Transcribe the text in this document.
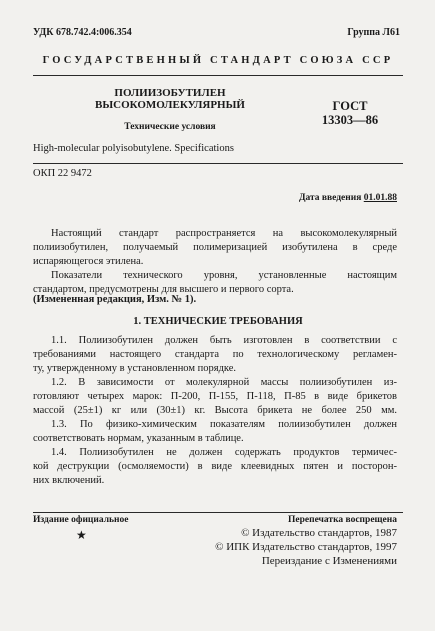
УДК 678.742.4:006.354	Группа Л61
ГОСУДАРСТВЕННЫЙ СТАНДАРТ СОЮЗА ССР
ПОЛИИЗОБУТИЛЕН
ВЫСОКОМОЛЕКУЛЯРНЫЙ
Технические условия
High-molecular polyisobutylene. Specifications
ГОСТ
13303—86
ОКП 22 9472
Дата введения 01.01.88
Настоящий стандарт распространяется на высокомолекулярный
полиизобутилен, получаемый полимеризацией изобутилена в среде
испаряющегося этилена.
Показатели технического уровня, установленные настоящим
стандартом, предусмотрены для высшего и первого сорта.
(Измененная редакция, Изм. № 1).
1. ТЕХНИЧЕСКИЕ ТРЕБОВАНИЯ
1.1. Полиизобутилен должен быть изготовлен в соответствии с
требованиями настоящего стандарта по технологическому регламен-
ту, утвержденному в установленном порядке.
1.2. В зависимости от молекулярной массы полиизобутилен из-
готовляют четырех марок: П-200, П-155, П-118, П-85 в виде брикетов
массой (25±1) кг или (30±1) кг. Высота брикета не более 250 мм.
1.3. По физико-химическим показателям полиизобутилен должен
соответствовать нормам, указанным в таблице.
1.4. Полиизобутилен не должен содержать продуктов термичес-
кой деструкции (осмоляемости) в виде клеевидных пятен и посторон-
них включений.
Издание официальное
★
Перепечатка воспрещена
© Издательство стандартов, 1987
© ИПК Издательство стандартов, 1997
Переиздание с Изменениями
